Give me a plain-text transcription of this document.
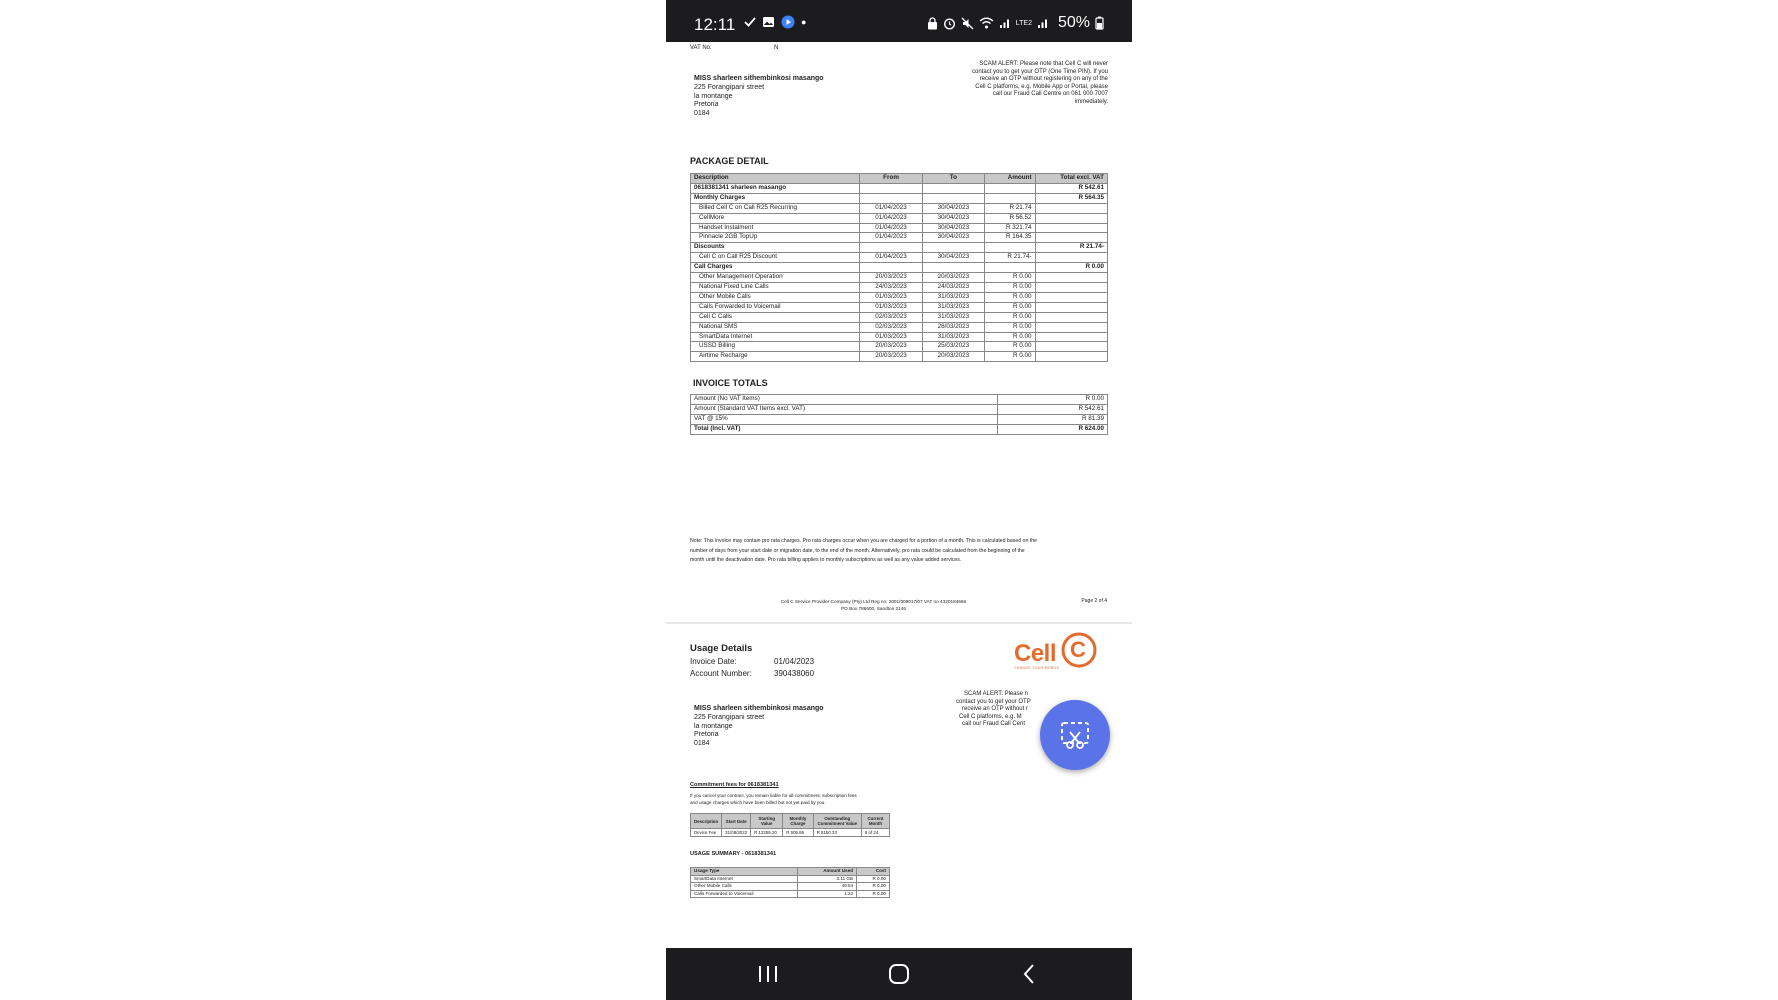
12:11	●	LTE2 50%
VAT No:	N
MISS sharleen sithembinkosi masango
225 Forangipani street
la montange
Pretoria
0184
SCAM ALERT: Please note that Cell C will never
contact you to get your OTP (One Time PIN). If you
receive an OTP without registering on any of the
Cell C platforms, e.g. Mobile App or Portal, please
call our Fraud Call Centre on 061 000 7007
immediately.
PACKAGE DETAIL
Description	From	To	Amount	Total excl. VAT
0618381341 sharleen masango				R 542.61
Monthly Charges				R 564.35
Billed Cell C on Call R25 Recurring	01/04/2023	30/04/2023	R 21.74	
CellMore	01/04/2023	30/04/2023	R 56.52	
Handset Instalment	01/04/2023	30/04/2023	R 321.74	
Pinnacle 2GB TopUp	01/04/2023	30/04/2023	R 164.35	
Discounts				R 21.74-
Cell C on Call R25 Discount	01/04/2023	30/04/2023	R 21.74-	
Call Charges				R 0.00
Other Management Operation	20/03/2023	20/03/2023	R 0.00	
National Fixed Line Calls	24/03/2023	24/03/2023	R 0.00	
Other Mobile Calls	01/03/2023	31/03/2023	R 0.00	
Calls Forwarded to Voicemail	01/03/2023	31/03/2023	R 0.00	
Cell C Calls	02/03/2023	31/03/2023	R 0.00	
National SMS	02/03/2023	26/03/2023	R 0.00	
SmartData Internet	01/03/2023	31/03/2023	R 0.00	
USSD Billing	20/03/2023	25/03/2023	R 0.00	
Airtime Recharge	20/03/2023	20/03/2023	R 0.00	
INVOICE TOTALS
Amount (No VAT Items)	R 0.00
Amount (Standard VAT Items excl. VAT)	R 542.61
VAT @ 15%	R 81.39
Total (Incl. VAT)	R 624.00
Note: This invoice may contain pro rata charges. Pro rata charges occur when you are charged for a portion of a month. This is calculated based on the
number of days from your start date or migration date, to the end of the month. Alternatively, pro rata could be calculated from the beginning of the
month until the deactivation date. Pro rata billing applies to monthly subscriptions as well as any value added services.
Cell C Service Provider Company (Pty) Ltd Reg no: 2001/008017/07 VAT no 4320184666
PO Box 786600, Sandton 2146
Page 2 of 4
Usage Details
Invoice Date:	01/04/2023
Account Number:	390438060
Cell C
CHANGE YOUR MOBILE
MISS sharleen sithembinkosi masango
225 Forangipani street
la montange
Pretoria
0184
SCAM ALERT: Please n
contact you to get your OTP
receive an OTP without r
Cell C platforms, e.g. M
call our Fraud Call Cent
Commitment fees for 0618381341
If you cancel your contract, you remain liable for all commitment, subscription fees
and usage charges which have been billed but not yet paid by you.
Description	Start Date	Starting Value	Monthly Charge	Outstanding Commitment Value	Current Month
Device Fee	31/08/2022	R 12259.20	R 505.96	R 8150.33	8 of 24
USAGE SUMMARY - 0618381341
Usage Type	Amount Used	Cost
SmartData Internet	3.11 GB	R 0.00
Other Mobile Calls	49:54	R 0.00
Calls Forwarded to Voicemail	1:22	R 0.00
